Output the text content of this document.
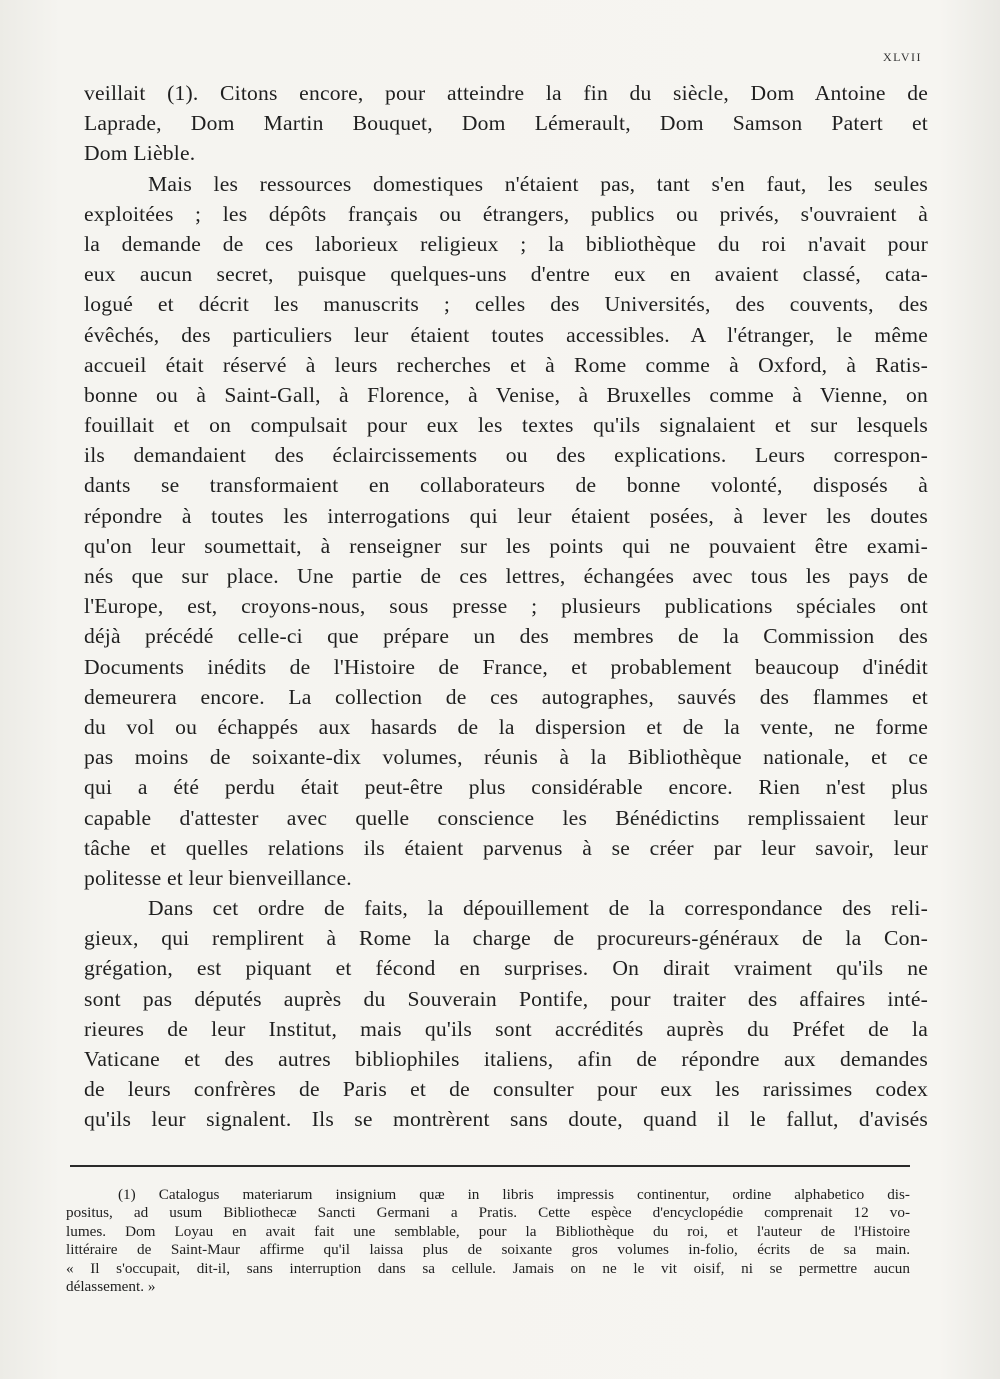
XLVII
veillait (1). Citons encore, pour atteindre la fin du siècle, Dom Antoine de
Laprade, Dom Martin Bouquet, Dom Lémerault, Dom Samson Patert et
Dom Lièble.
Mais les ressources domestiques n'étaient pas, tant s'en faut, les seules
exploitées ; les dépôts français ou étrangers, publics ou privés, s'ouvraient à
la demande de ces laborieux religieux ; la bibliothèque du roi n'avait pour
eux aucun secret, puisque quelques-uns d'entre eux en avaient classé, cata-
logué et décrit les manuscrits ; celles des Universités, des couvents, des
évêchés, des particuliers leur étaient toutes accessibles. A l'étranger, le même
accueil était réservé à leurs recherches et à Rome comme à Oxford, à Ratis-
bonne ou à Saint-Gall, à Florence, à Venise, à Bruxelles comme à Vienne, on
fouillait et on compulsait pour eux les textes qu'ils signalaient et sur lesquels
ils demandaient des éclaircissements ou des explications. Leurs correspon-
dants se transformaient en collaborateurs de bonne volonté, disposés à
répondre à toutes les interrogations qui leur étaient posées, à lever les doutes
qu'on leur soumettait, à renseigner sur les points qui ne pouvaient être exami-
nés que sur place. Une partie de ces lettres, échangées avec tous les pays de
l'Europe, est, croyons-nous, sous presse ; plusieurs publications spéciales ont
déjà précédé celle-ci que prépare un des membres de la Commission des
Documents inédits de l'Histoire de France, et probablement beaucoup d'inédit
demeurera encore. La collection de ces autographes, sauvés des flammes et
du vol ou échappés aux hasards de la dispersion et de la vente, ne forme
pas moins de soixante-dix volumes, réunis à la Bibliothèque nationale, et ce
qui a été perdu était peut-être plus considérable encore. Rien n'est plus
capable d'attester avec quelle conscience les Bénédictins remplissaient leur
tâche et quelles relations ils étaient parvenus à se créer par leur savoir, leur
politesse et leur bienveillance.
Dans cet ordre de faits, la dépouillement de la correspondance des reli-
gieux, qui remplirent à Rome la charge de procureurs-généraux de la Con-
grégation, est piquant et fécond en surprises. On dirait vraiment qu'ils ne
sont pas députés auprès du Souverain Pontife, pour traiter des affaires inté-
rieures de leur Institut, mais qu'ils sont accrédités auprès du Préfet de la
Vaticane et des autres bibliophiles italiens, afin de répondre aux demandes
de leurs confrères de Paris et de consulter pour eux les rarissimes codex
qu'ils leur signalent. Ils se montrèrent sans doute, quand il le fallut, d'avisés
(1) Catalogus materiarum insignium quæ in libris impressis continentur, ordine alphabetico dis-
positus, ad usum Bibliothecæ Sancti Germani a Pratis. Cette espèce d'encyclopédie comprenait 12 vo-
lumes. Dom Loyau en avait fait une semblable, pour la Bibliothèque du roi, et l'auteur de l'Histoire
littéraire de Saint-Maur affirme qu'il laissa plus de soixante gros volumes in-folio, écrits de sa main.
« Il s'occupait, dit-il, sans interruption dans sa cellule. Jamais on ne le vit oisif, ni se permettre aucun
délassement. »
